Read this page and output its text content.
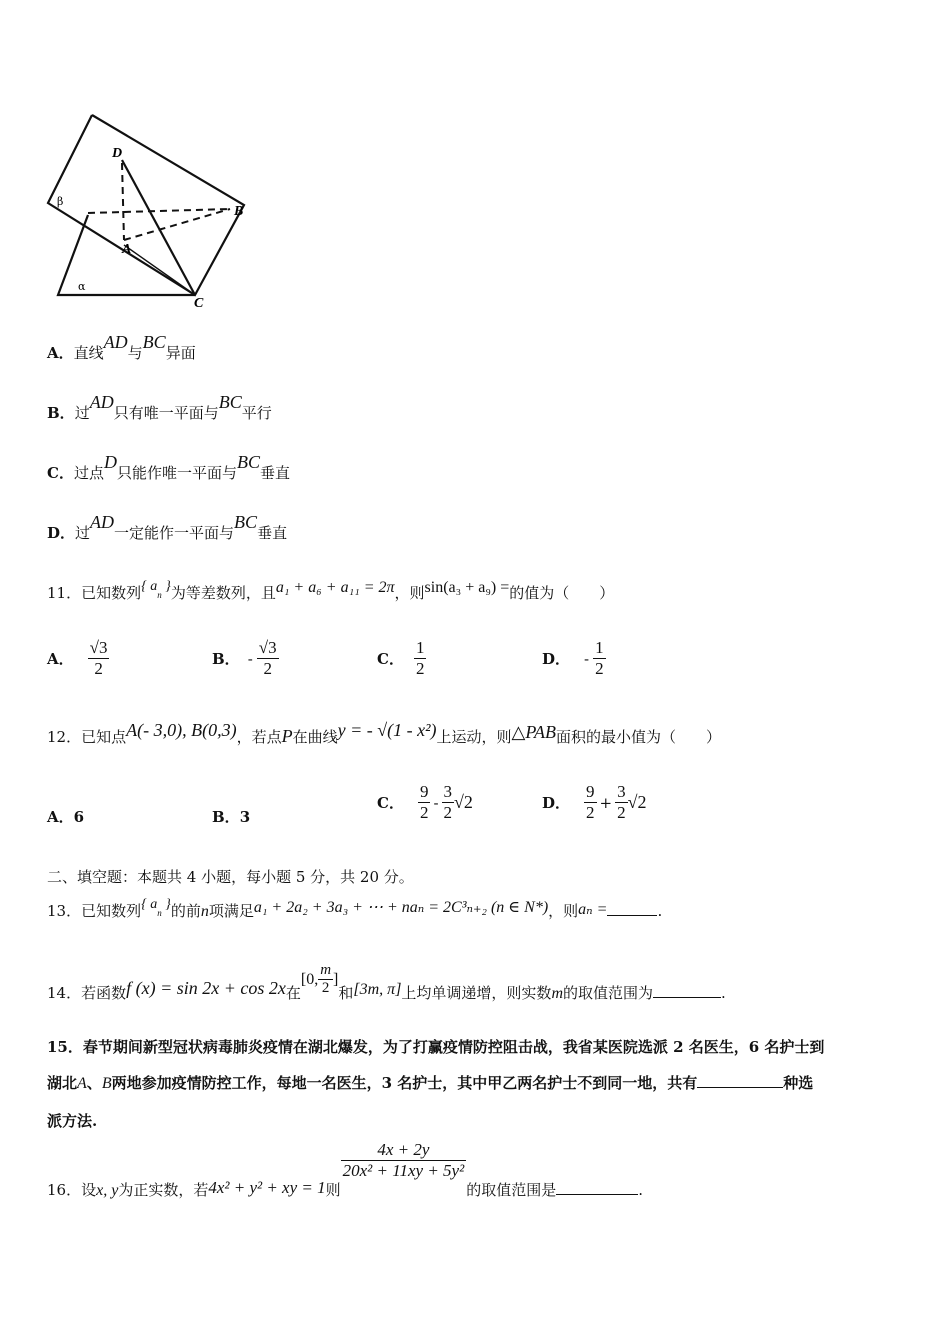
D
B
A
C
β
α
A．直线AD与BC异面
B．过AD只有唯一平面与BC平行
C．过点D只能作唯一平面与BC垂直
D．过AD一定能作一平面与BC垂直
11．已知数列{ $a_n$ }为等差数列，且a₁ + a₆ + a₁₁ = 2π，则sin(a₃ + a₉) =的值为（　　）
A． $\frac{√3}{2}$	B． - $\frac{√3}{2}$	C． $\frac{1}{2}$	D． - $\frac{1}{2}$
12．已知点A(- 3,0), B(0,3)，若点P在曲线y = - √(1 - x²)上运动，则△PAB面积的最小值为（　　）
A．6	B．3
C． $\frac{9}{2} - \frac{3}{2} √2$	D． $\frac{9}{2} + \frac{3}{2} √2$
二、填空题：本题共 4 小题，每小题 5 分，共 20 分。
13．已知数列{ $a_n$ }的前n项满足a₁ + 2a₂ + 3a₃ + ⋯ + naₙ = 2C³ₙ₊₂ (n ∈ N*)，则aₙ =	.
14．若函数f (x) = sin 2x + cos 2x在[0, $\frac{m}{2}$ ]和[3m, π]上均单调递增，则实数m的取值范围为	.
15．春节期间新型冠状病毒肺炎疫情在湖北爆发，为了打赢疫情防控阻击战，我省某医院选派 2 名医生，6 名护士到
湖北A、B两地参加疫情防控工作，每地一名医生，3 名护士，其中甲乙两名护士不到同一地，共有	种选
派方法.
16．设x, y为正实数，若4x² + y² + xy = 1则
$\frac{4x + 2y}{\text{20x² + 11xy + 5y²}}$
的取值范围是	.
